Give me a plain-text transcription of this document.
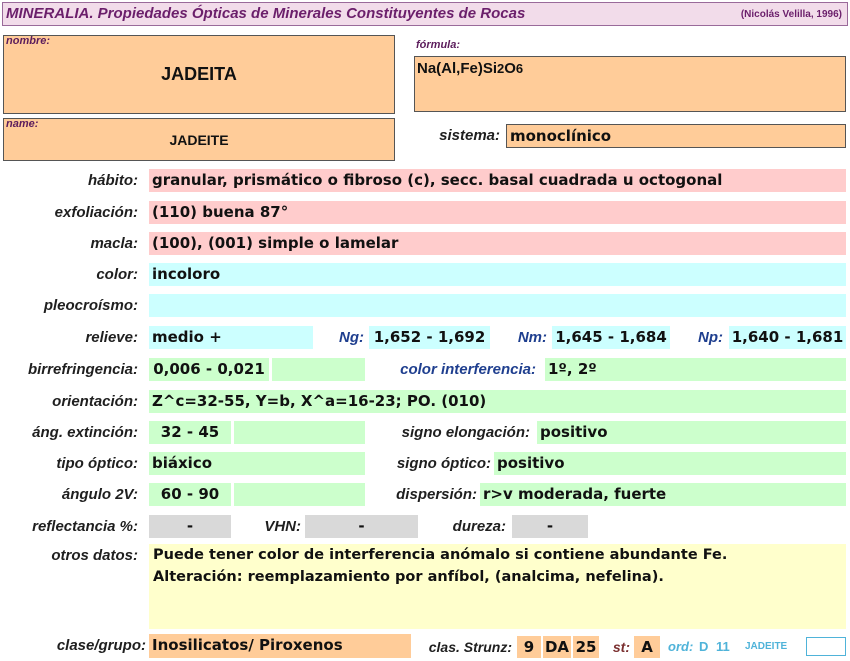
MINERALIA. Propiedades Ópticas de Minerales Constituyentes de Rocas	(Nicolás Velilla, 1996)
nombre:
JADEITA
name:
JADEITE
fórmula:
Na(Al,Fe)Si2O6
sistema: monoclínico
hábito: granular, prismático o fibroso (c), secc. basal cuadrada u octogonal
exfoliación: (110) buena 87°
macla: (100), (001) simple o lamelar
color: incoloro
pleocroísmo:
relieve: medio +	Ng: 1,652 - 1,692	Nm: 1,645 - 1,684 Np: 1,640 - 1,681
birrefringencia: 0,006 - 0,021	color interferencia: 1º, 2º
orientación: Z^c=32-55, Y=b, X^a=16-23; PO. (010)
áng. extinción:	32 - 45	signo elongación: positivo
tipo óptico: biáxico	signo óptico: positivo
ángulo 2V:	60 - 90	dispersión: r>v moderada, fuerte
reflectancia %:	-	VHN:	-	dureza:	-
otros datos: Puede tener color de interferencia anómalo si contiene abundante Fe.
Alteración: reemplazamiento por anfíbol, (analcima, nefelina).
clase/grupo: Inosilicatos/ Piroxenos	clas. Strunz: 9 DA 25 st: A	ord: D 11 JADEITE
